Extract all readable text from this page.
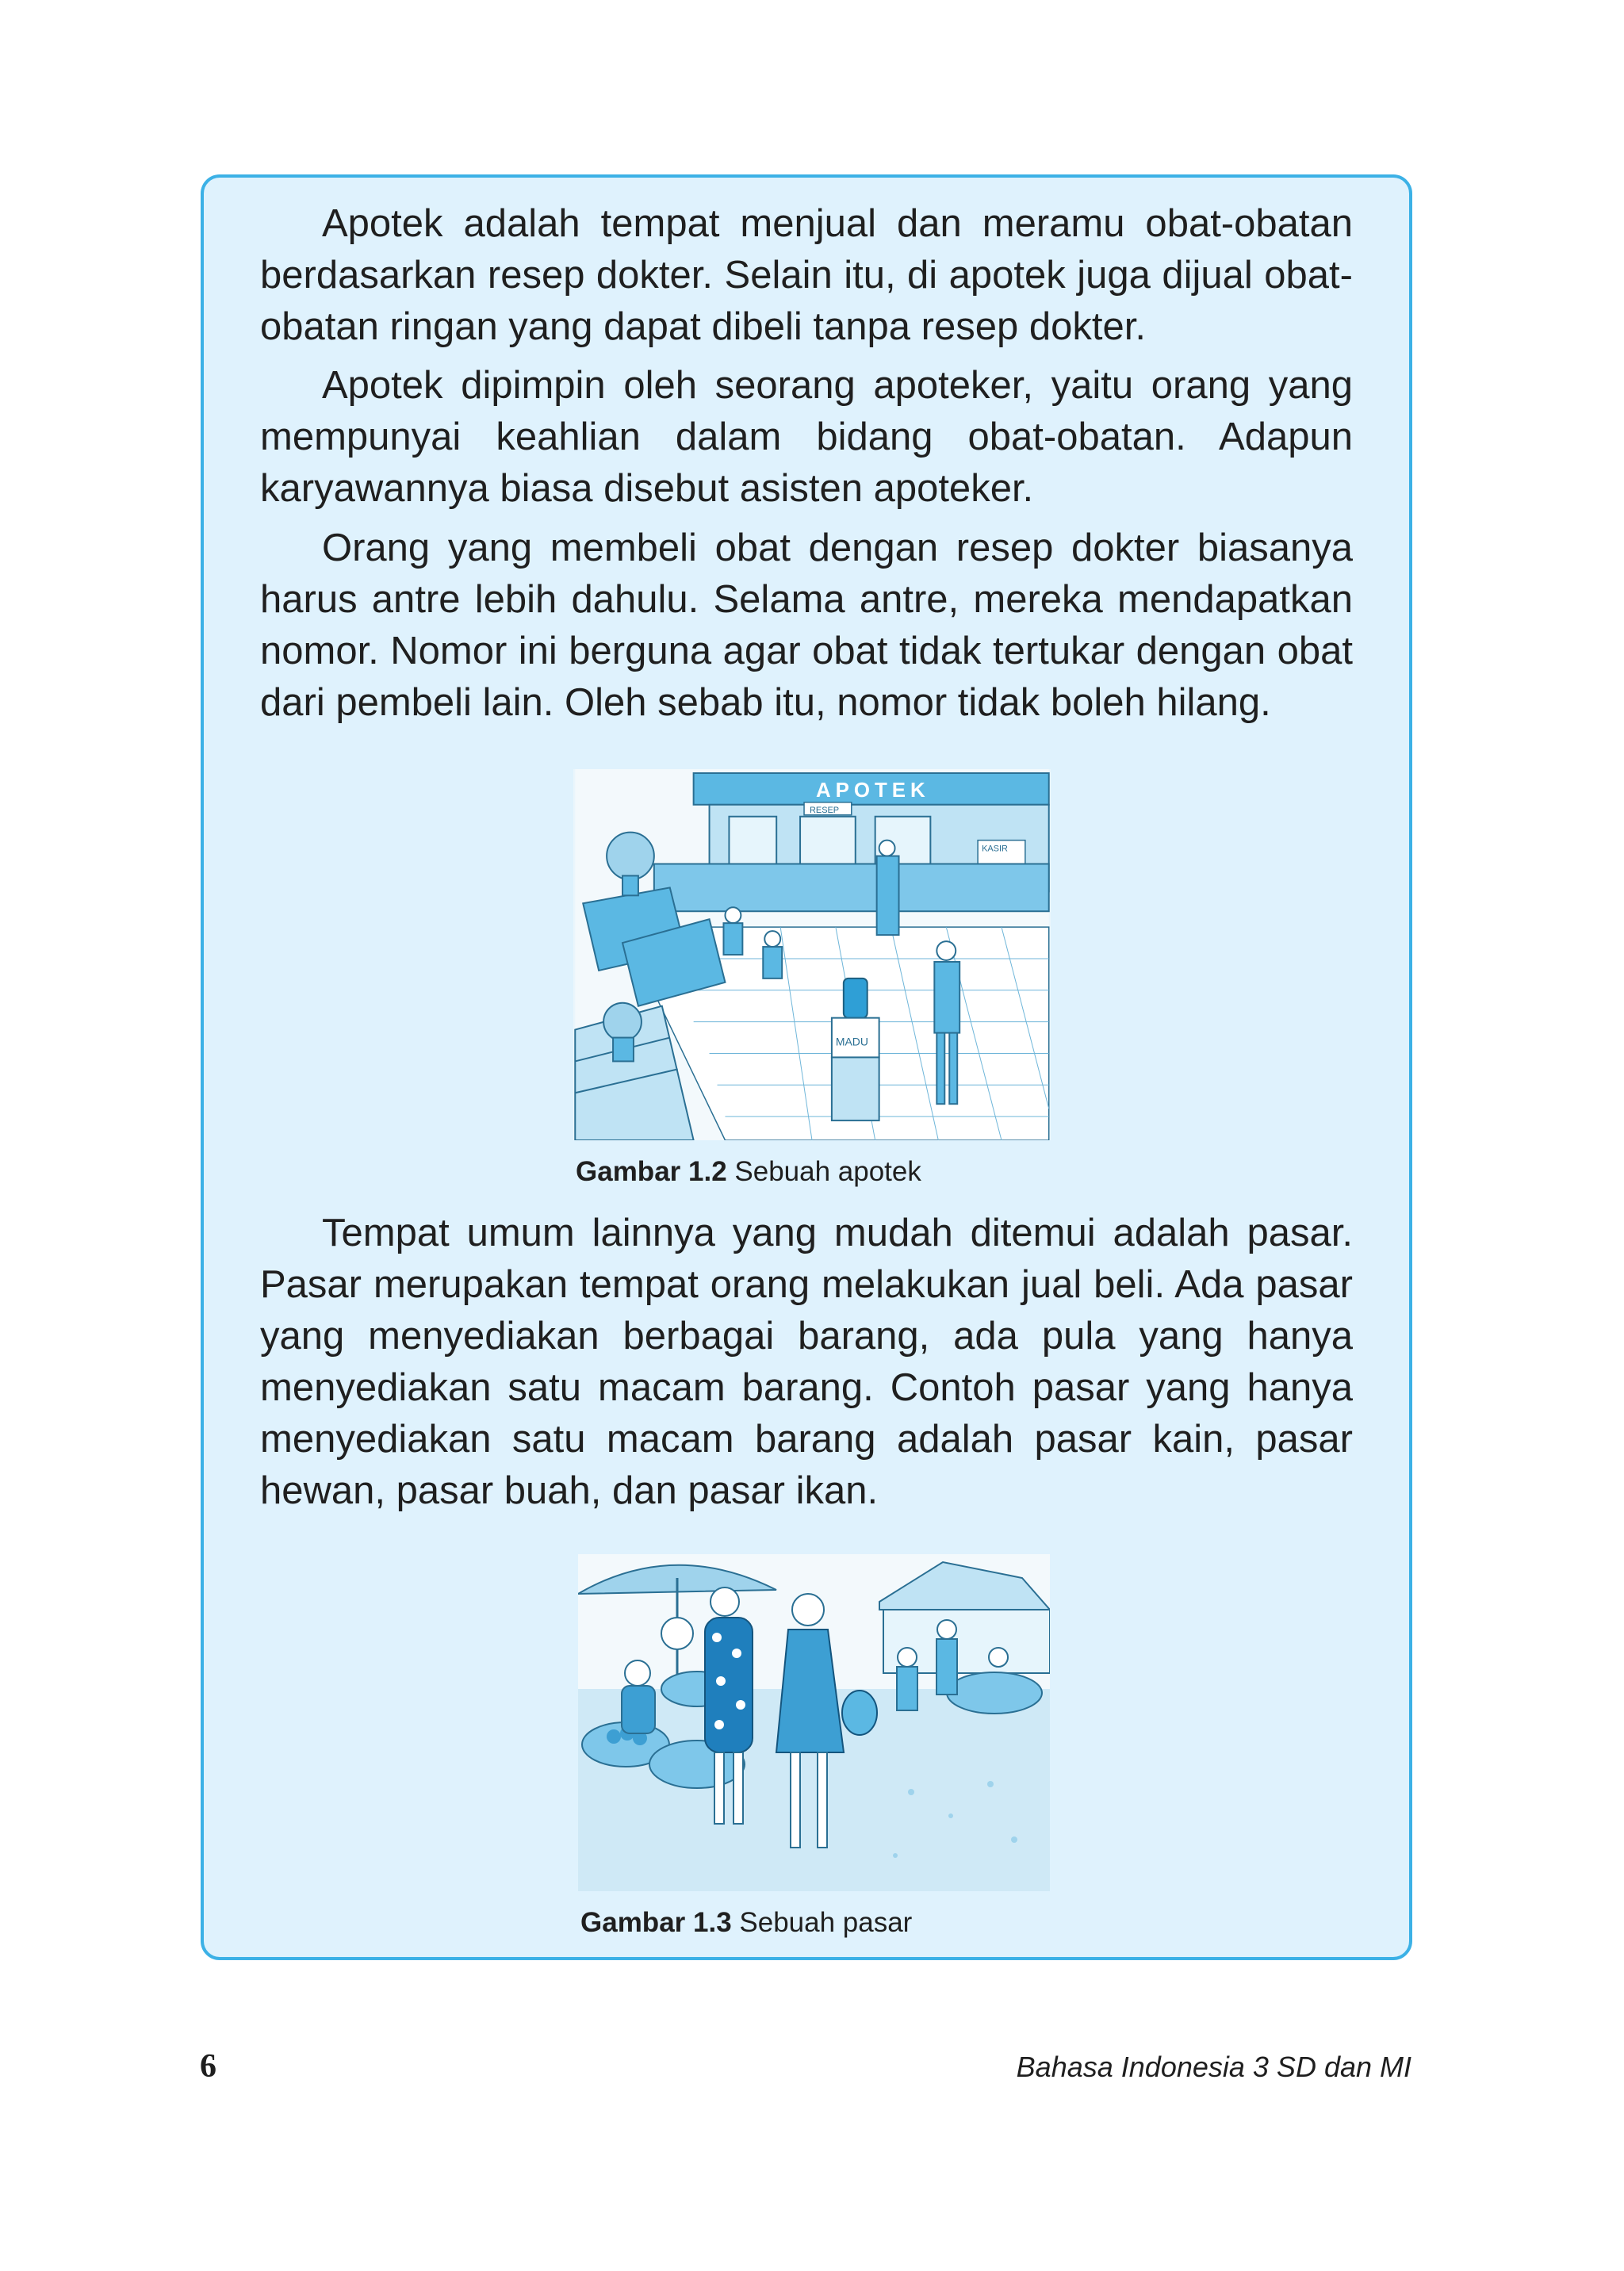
Apotek adalah tempat menjual dan meramu obat-obatan berdasarkan resep dokter. Selain itu, di apotek juga dijual obat-obatan ringan yang dapat dibeli tanpa resep dokter.

Apotek dipimpin oleh seorang apoteker, yaitu orang yang mempunyai keahlian dalam bidang obat-obatan. Adapun karyawannya biasa disebut asisten apoteker.

Orang yang membeli obat dengan resep dokter biasanya harus antre lebih dahulu. Selama antre, mereka mendapatkan nomor. Nomor ini berguna agar obat tidak tertukar dengan obat dari pembeli lain. Oleh sebab itu, nomor tidak boleh hilang.

APOTEK
RESEP
KASIR
MADU
Gambar 1.2 Sebuah apotek

Tempat umum lainnya yang mudah ditemui adalah pasar. Pasar merupakan tempat orang melakukan jual beli. Ada pasar yang menyediakan berbagai barang, ada pula yang hanya menyediakan satu macam barang. Contoh pasar yang hanya menyediakan satu macam barang adalah pasar kain, pasar hewan, pasar buah, dan pasar ikan.

Gambar 1.3 Sebuah pasar
6	Bahasa Indonesia 3 SD dan MI
